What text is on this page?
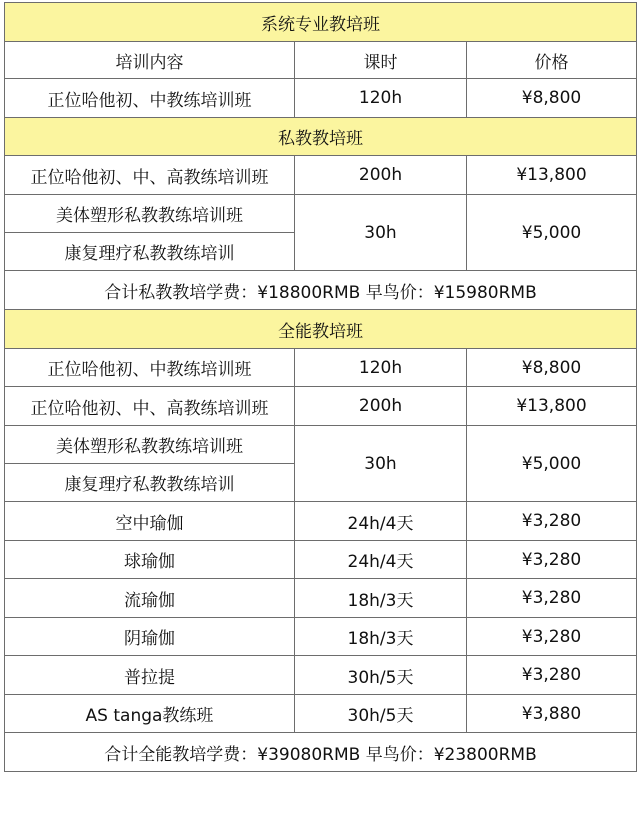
系统专业教培班		
培训内容	课时	价格
正位哈他初、中教练培训班	120h	¥8,800
私教教培班		
正位哈他初、中、高教练培训班	200h	¥13,800
美体塑形私教教练培训班	30h	¥5,000
康复理疗私教教练培训		
合计私教教培学费：¥18800RMB 早鸟价：¥15980RMB		
全能教培班		
正位哈他初、中教练培训班	120h	¥8,800
正位哈他初、中、高教练培训班	200h	¥13,800
美体塑形私教教练培训班	30h	¥5,000
康复理疗私教教练培训		
空中瑜伽	24h/4天	¥3,280
球瑜伽	24h/4天	¥3,280
流瑜伽	18h/3天	¥3,280
阴瑜伽	18h/3天	¥3,280
普拉提	30h/5天	¥3,280
AS tanga教练班	30h/5天	¥3,880
合计全能教培学费：¥39080RMB 早鸟价：¥23800RMB		
